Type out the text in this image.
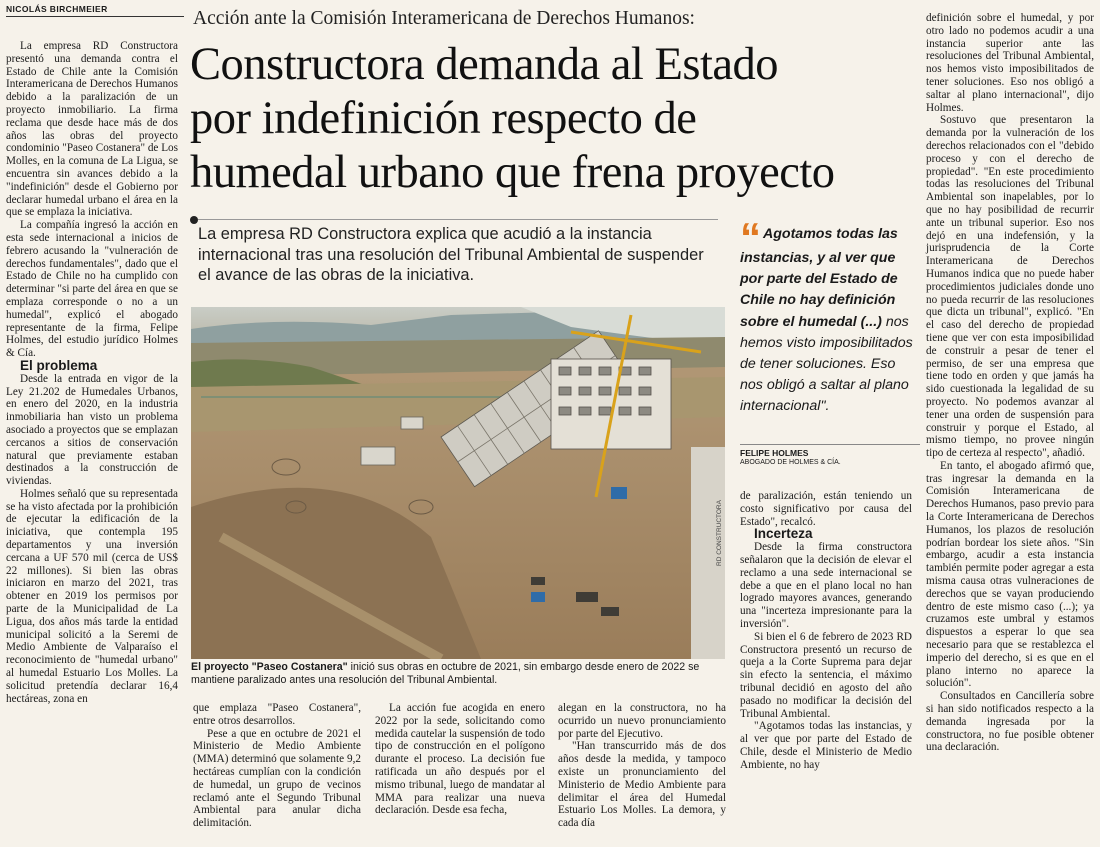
NICOLÁS BIRCHMEIER

La empresa RD Constructora presentó una demanda contra el Estado de Chile ante la Comisión Interamericana de Derechos Humanos debido a la paralización de un proyecto inmobiliario. La firma reclama que desde hace más de dos años las obras del proyecto condominio "Paseo Costanera" de Los Molles, en la comuna de La Ligua, se encuentra sin avances debido a la "indefinición" desde el Gobierno por declarar humedal urbano el área en la que se emplaza la iniciativa.

La compañía ingresó la acción en esta sede internacional a inicios de febrero acusando la "vulneración de derechos fundamentales", dado que el Estado de Chile no ha cumplido con determinar "si parte del área en que se emplaza corresponde o no a un humedal", explicó el abogado representante de la firma, Felipe Holmes, del estudio jurídico Holmes & Cía.

El problema

Desde la entrada en vigor de la Ley 21.202 de Humedales Urbanos, en enero del 2020, en la industria inmobiliaria han visto un problema asociado a proyectos que se emplazan cercanos a sitios de conservación natural que previamente estaban destinados a la construcción de viviendas.

Holmes señaló que su representada se ha visto afectada por la prohibición de ejecutar la edificación de la iniciativa, que contempla 195 departamentos y una inversión cercana a UF 570 mil (cerca de US$ 22 millones). Si bien las obras iniciaron en marzo del 2021, tras obtener en 2019 los permisos por parte de la Municipalidad de La Ligua, dos años más tarde la entidad municipal solicitó a la Seremi de Medio Ambiente de Valparaíso el reconocimiento de "humedal urbano" al humedal Estuario Los Molles. La solicitud pretendía declarar 16,4 hectáreas, zona en

Acción ante la Comisión Interamericana de Derechos Humanos:
Constructora demanda al Estado
por indefinición respecto de
humedal urbano que frena proyecto
La empresa RD Constructora explica que acudió a la instancia internacional tras una resolución del Tribunal Ambiental de suspender el avance de las obras de la iniciativa.
RD CONSTRUCTORA
El proyecto "Paseo Costanera" inició sus obras en octubre de 2021, sin embargo desde enero de 2022 se mantiene paralizado antes una resolución del Tribunal Ambiental.
“ Agotamos todas las instancias, y al ver que por parte del Estado de Chile no hay definición sobre el humedal (...) nos hemos visto imposibilitados de tener soluciones. Eso nos obligó a saltar al plano internacional".
FELIPE HOLMES
ABOGADO DE HOLMES & CÍA.

que emplaza "Paseo Costanera", entre otros desarrollos.

Pese a que en octubre de 2021 el Ministerio de Medio Ambiente (MMA) determinó que solamente 9,2 hectáreas cumplían con la condición de humedal, un grupo de vecinos reclamó ante el Segundo Tribunal Ambiental para anular dicha delimitación.

La acción fue acogida en enero 2022 por la sede, solicitando como medida cautelar la suspensión de todo tipo de construcción en el polígono durante el proceso. La decisión fue ratificada un año después por el mismo tribunal, luego de mandatar al MMA para realizar una nueva declaración. Desde esa fecha,

alegan en la constructora, no ha ocurrido un nuevo pronunciamiento por parte del Ejecutivo.

"Han transcurrido más de dos años desde la medida, y tampoco existe un pronunciamiento del Ministerio de Medio Ambiente para delimitar el área del Humedal Estuario Los Molles. La demora, y cada día

de paralización, están teniendo un costo significativo por causa del Estado", recalcó.

Incerteza

Desde la firma constructora señalaron que la decisión de elevar el reclamo a una sede internacional se debe a que en el plano local no han logrado mayores avances, generando una "incerteza impresionante para la inversión".

Si bien el 6 de febrero de 2023 RD Constructora presentó un recurso de queja a la Corte Suprema para dejar sin efecto la sentencia, el máximo tribunal decidió en agosto del año pasado no modificar la decisión del Tribunal Ambiental.

"Agotamos todas las instancias, y al ver que por parte del Estado de Chile, desde el Ministerio de Medio Ambiente, no hay

definición sobre el humedal, y por otro lado no podemos acudir a una instancia superior ante las resoluciones del Tribunal Ambiental, nos hemos visto imposibilitados de tener soluciones. Eso nos obligó a saltar al plano internacional", dijo Holmes.

Sostuvo que presentaron la demanda por la vulneración de los derechos relacionados con el "debido proceso y con el derecho de propiedad". "En este procedimiento todas las resoluciones del Tribunal Ambiental son inapelables, por lo que no hay posibilidad de recurrir ante un tribunal superior. Eso nos dejó en una indefensión, y la jurisprudencia de la Corte Interamericana de Derechos Humanos indica que no puede haber procedimientos judiciales donde uno no pueda recurrir de las resoluciones que dicta un tribunal", explicó. "En el caso del derecho de propiedad tiene que ver con esta imposibilidad de construir a pesar de tener el permiso, de ser una empresa que tiene todo en orden y que jamás ha sido cuestionada la legalidad de su proyecto. No podemos avanzar al tener una orden de suspensión para construir y porque el Estado, al mismo tiempo, no provee ningún tipo de certeza al respecto", añadió.

En tanto, el abogado afirmó que, tras ingresar la demanda en la Comisión Interamericana de Derechos Humanos, paso previo para la Corte Interamericana de Derechos Humanos, los plazos de resolución podrían bordear los siete años. "Sin embargo, acudir a esta instancia también permite poder agregar a esta misma causa otras vulneraciones de derechos que se vayan produciendo dentro de este mismo caso (...); ya cruzamos este umbral y estamos dispuestos a esperar lo que sea necesario para que se restablezca el imperio del derecho, si es que en el plano interno no aparece la solución".

Consultados en Cancillería sobre si han sido notificados respecto a la demanda ingresada por la constructora, no fue posible obtener una declaración.
